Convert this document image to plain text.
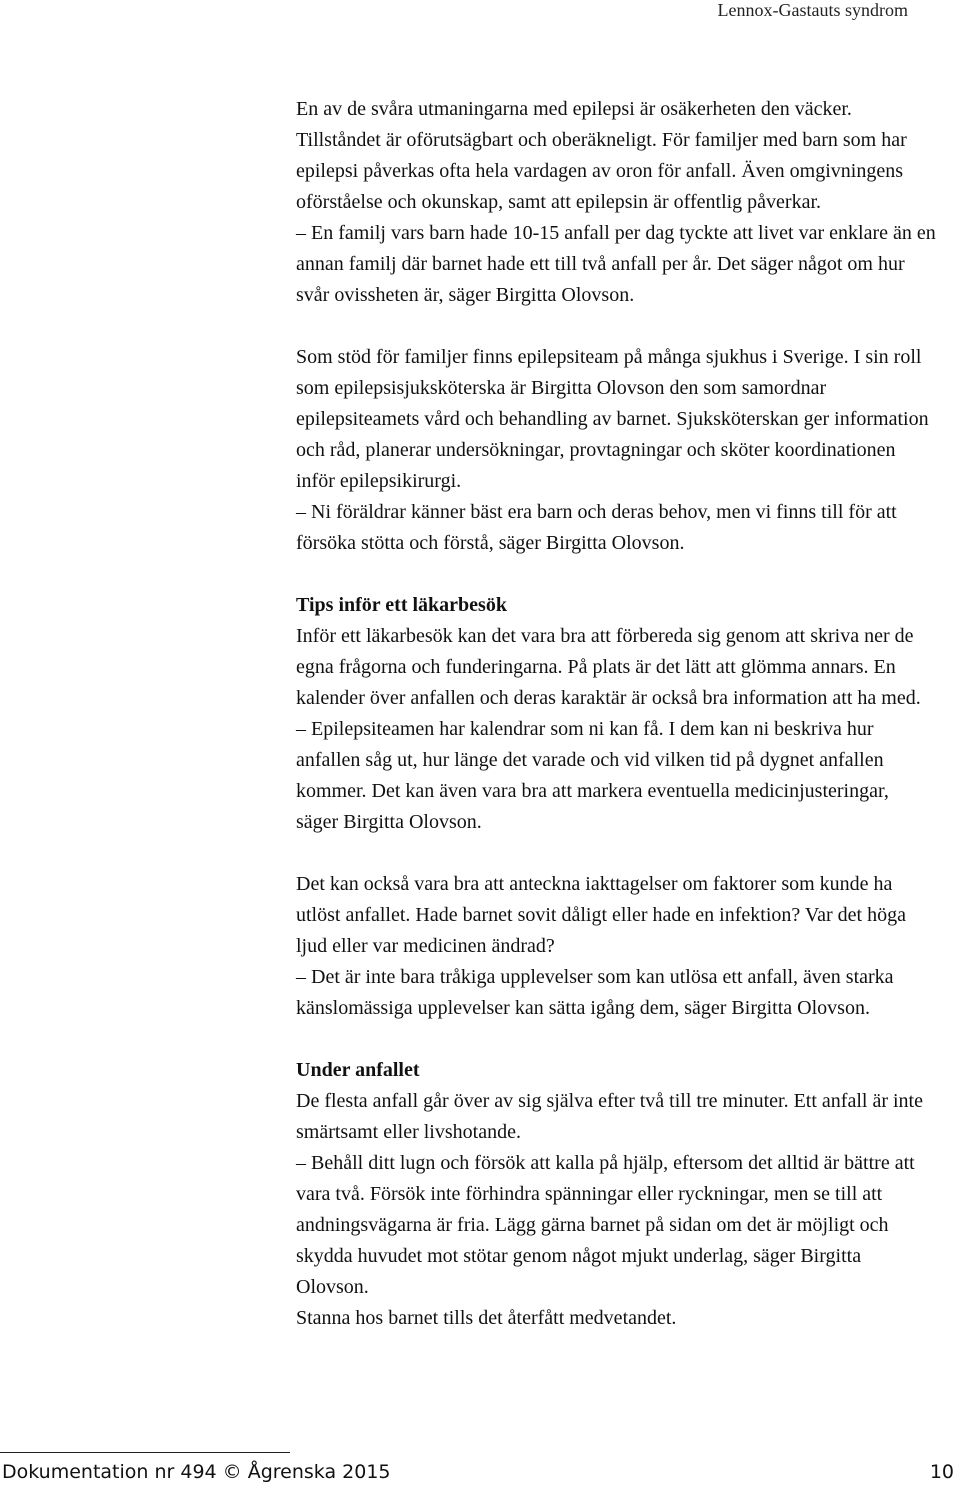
Lennox-Gastauts syndrom

En av de svåra utmaningarna med epilepsi är osäkerheten den väcker. Tillståndet är oförutsägbart och oberäkneligt. För familjer med barn som har epilepsi påverkas ofta hela vardagen av oron för anfall. Även omgivningens oförståelse och okunskap, samt att epilepsin är offentlig påverkar.

– En familj vars barn hade 10-15 anfall per dag tyckte att livet var enklare än en annan familj där barnet hade ett till två anfall per år. Det säger något om hur svår ovissheten är, säger Birgitta Olovson.

Som stöd för familjer finns epilepsiteam på många sjukhus i Sverige. I sin roll som epilepsisjuksköterska är Birgitta Olovson den som samordnar epilepsiteamets vård och behandling av barnet. Sjuksköterskan ger information och råd, planerar undersökningar, provtagningar och sköter koordinationen inför epilepsikirurgi.

– Ni föräldrar känner bäst era barn och deras behov, men vi finns till för att försöka stötta och förstå, säger Birgitta Olovson.

Tips inför ett läkarbesök

Inför ett läkarbesök kan det vara bra att förbereda sig genom att skriva ner de egna frågorna och funderingarna. På plats är det lätt att glömma annars. En kalender över anfallen och deras karaktär är också bra information att ha med.

– Epilepsiteamen har kalendrar som ni kan få. I dem kan ni beskriva hur anfallen såg ut, hur länge det varade och vid vilken tid på dygnet anfallen kommer. Det kan även vara bra att markera eventuella medicinjusteringar, säger Birgitta Olovson.

Det kan också vara bra att anteckna iakttagelser om faktorer som kunde ha utlöst anfallet. Hade barnet sovit dåligt eller hade en infektion? Var det höga ljud eller var medicinen ändrad?

– Det är inte bara tråkiga upplevelser som kan utlösa ett anfall, även starka känslomässiga upplevelser kan sätta igång dem, säger Birgitta Olovson.

Under anfallet

De flesta anfall går över av sig själva efter två till tre minuter. Ett anfall är inte smärtsamt eller livshotande.

– Behåll ditt lugn och försök att kalla på hjälp, eftersom det alltid är bättre att vara två. Försök inte förhindra spänningar eller ryckningar, men se till att andningsvägarna är fria. Lägg gärna barnet på sidan om det är möjligt och skydda huvudet mot stötar genom något mjukt underlag, säger Birgitta Olovson.

Stanna hos barnet tills det återfått medvetandet.

Dokumentation nr 494 © Ågrenska 2015	10
